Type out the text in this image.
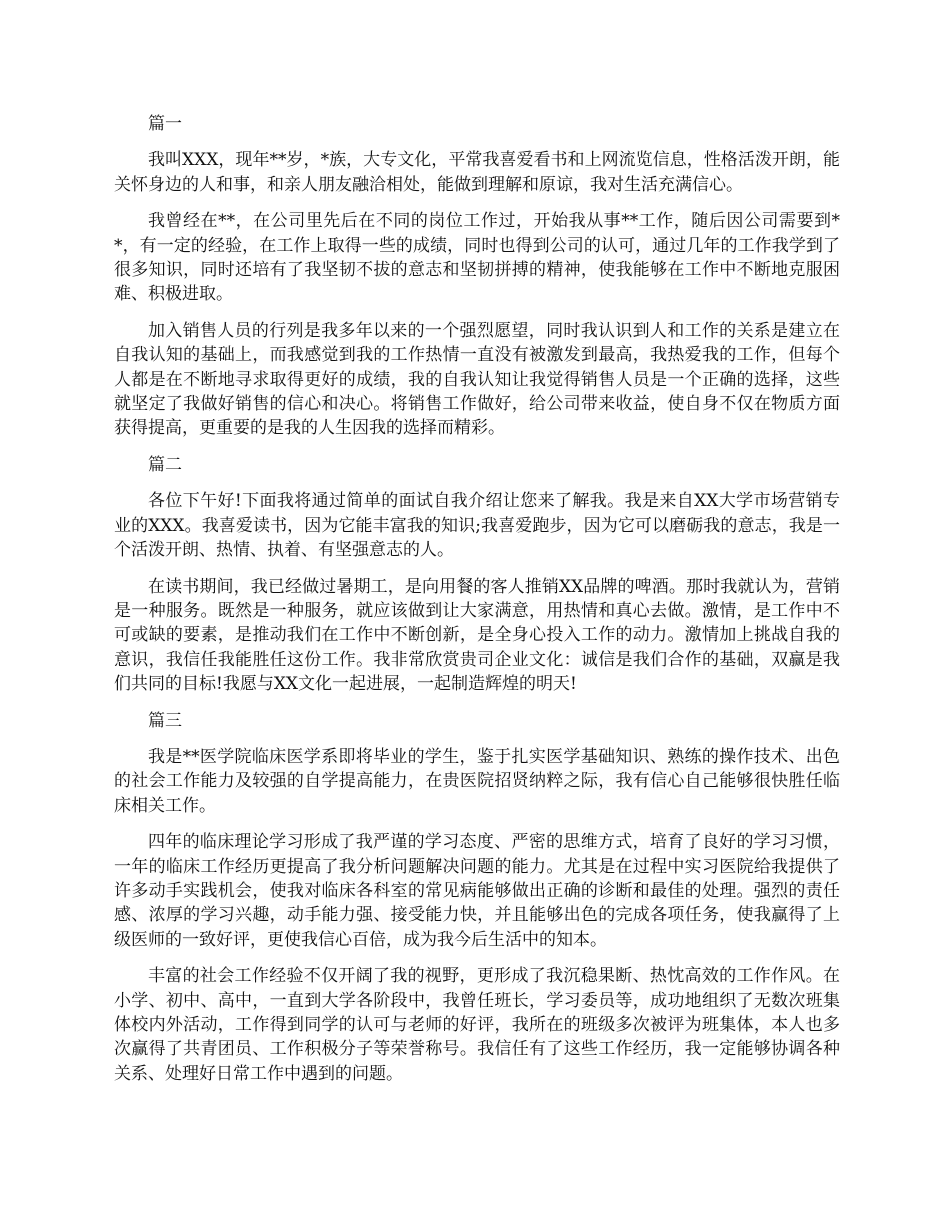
篇一

我叫XXX，现年**岁，*族，大专文化，平常我喜爱看书和上网流览信息，性格活泼开朗，能关怀身边的人和事，和亲人朋友融洽相处，能做到理解和原谅，我对生活充满信心。

我曾经在**，在公司里先后在不同的岗位工作过，开始我从事**工作，随后因公司需要到**，有一定的经验，在工作上取得一些的成绩，同时也得到公司的认可，通过几年的工作我学到了很多知识，同时还培有了我坚韧不拔的意志和坚韧拼搏的精神，使我能够在工作中不断地克服困难、积极进取。

加入销售人员的行列是我多年以来的一个强烈愿望，同时我认识到人和工作的关系是建立在自我认知的基础上，而我感觉到我的工作热情一直没有被激发到最高，我热爱我的工作，但每个人都是在不断地寻求取得更好的成绩，我的自我认知让我觉得销售人员是一个正确的选择，这些就坚定了我做好销售的信心和决心。将销售工作做好，给公司带来收益，使自身不仅在物质方面获得提高，更重要的是我的人生因我的选择而精彩。

篇二

各位下午好!下面我将通过简单的面试自我介绍让您来了解我。我是来自XX大学市场营销专业的XXX。我喜爱读书，因为它能丰富我的知识;我喜爱跑步，因为它可以磨砺我的意志，我是一个活泼开朗、热情、执着、有坚强意志的人。

在读书期间，我已经做过暑期工，是向用餐的客人推销XX品牌的啤酒。那时我就认为，营销是一种服务。既然是一种服务，就应该做到让大家满意，用热情和真心去做。激情，是工作中不可或缺的要素，是推动我们在工作中不断创新，是全身心投入工作的动力。激情加上挑战自我的意识，我信任我能胜任这份工作。我非常欣赏贵司企业文化：诚信是我们合作的基础，双赢是我们共同的目标!我愿与XX文化一起进展，一起制造辉煌的明天!

篇三

我是**医学院临床医学系即将毕业的学生，鉴于扎实医学基础知识、熟练的操作技术、出色的社会工作能力及较强的自学提高能力，在贵医院招贤纳粹之际，我有信心自己能够很快胜任临床相关工作。

四年的临床理论学习形成了我严谨的学习态度、严密的思维方式，培育了良好的学习习惯，一年的临床工作经历更提高了我分析问题解决问题的能力。尤其是在过程中实习医院给我提供了许多动手实践机会，使我对临床各科室的常见病能够做出正确的诊断和最佳的处理。强烈的责任感、浓厚的学习兴趣，动手能力强、接受能力快，并且能够出色的完成各项任务，使我赢得了上级医师的一致好评，更使我信心百倍，成为我今后生活中的知本。

丰富的社会工作经验不仅开阔了我的视野，更形成了我沉稳果断、热忱高效的工作作风。在小学、初中、高中，一直到大学各阶段中，我曾任班长，学习委员等，成功地组织了无数次班集体校内外活动，工作得到同学的认可与老师的好评，我所在的班级多次被评为班集体，本人也多次赢得了共青团员、工作积极分子等荣誉称号。我信任有了这些工作经历，我一定能够协调各种关系、处理好日常工作中遇到的问题。
